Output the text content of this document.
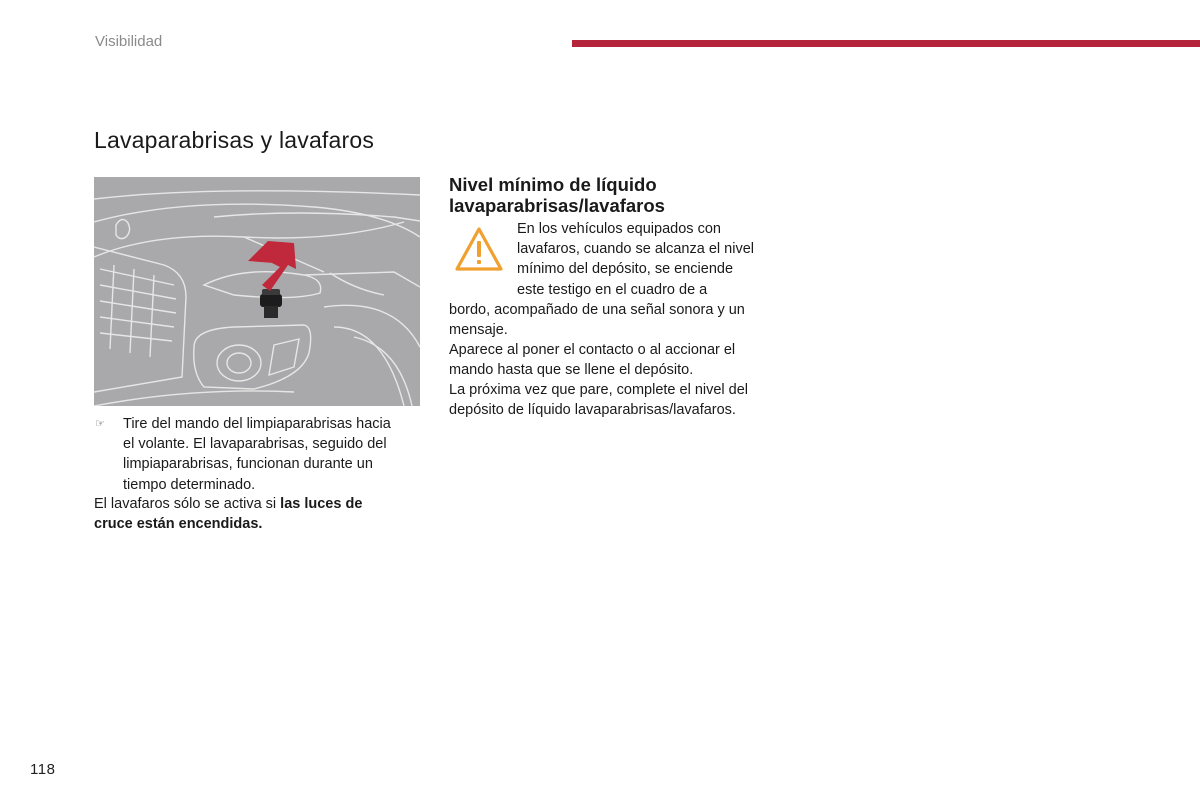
Visibilidad
Lavaparabrisas y lavafaros
☞ Tire del mando del limpiaparabrisas hacia
el volante. El lavaparabrisas, seguido del
limpiaparabrisas, funcionan durante un
tiempo determinado.
El lavafaros sólo se activa si las luces de
cruce están encendidas.
Nivel mínimo de líquido
lavaparabrisas/lavafaros
En los vehículos equipados con
lavafaros, cuando se alcanza el nivel
mínimo del depósito, se enciende
este testigo en el cuadro de a
bordo, acompañado de una señal sonora y un
mensaje.
Aparece al poner el contacto o al accionar el
mando hasta que se llene el depósito.
La próxima vez que pare, complete el nivel del
depósito de líquido lavaparabrisas/lavafaros.
118
